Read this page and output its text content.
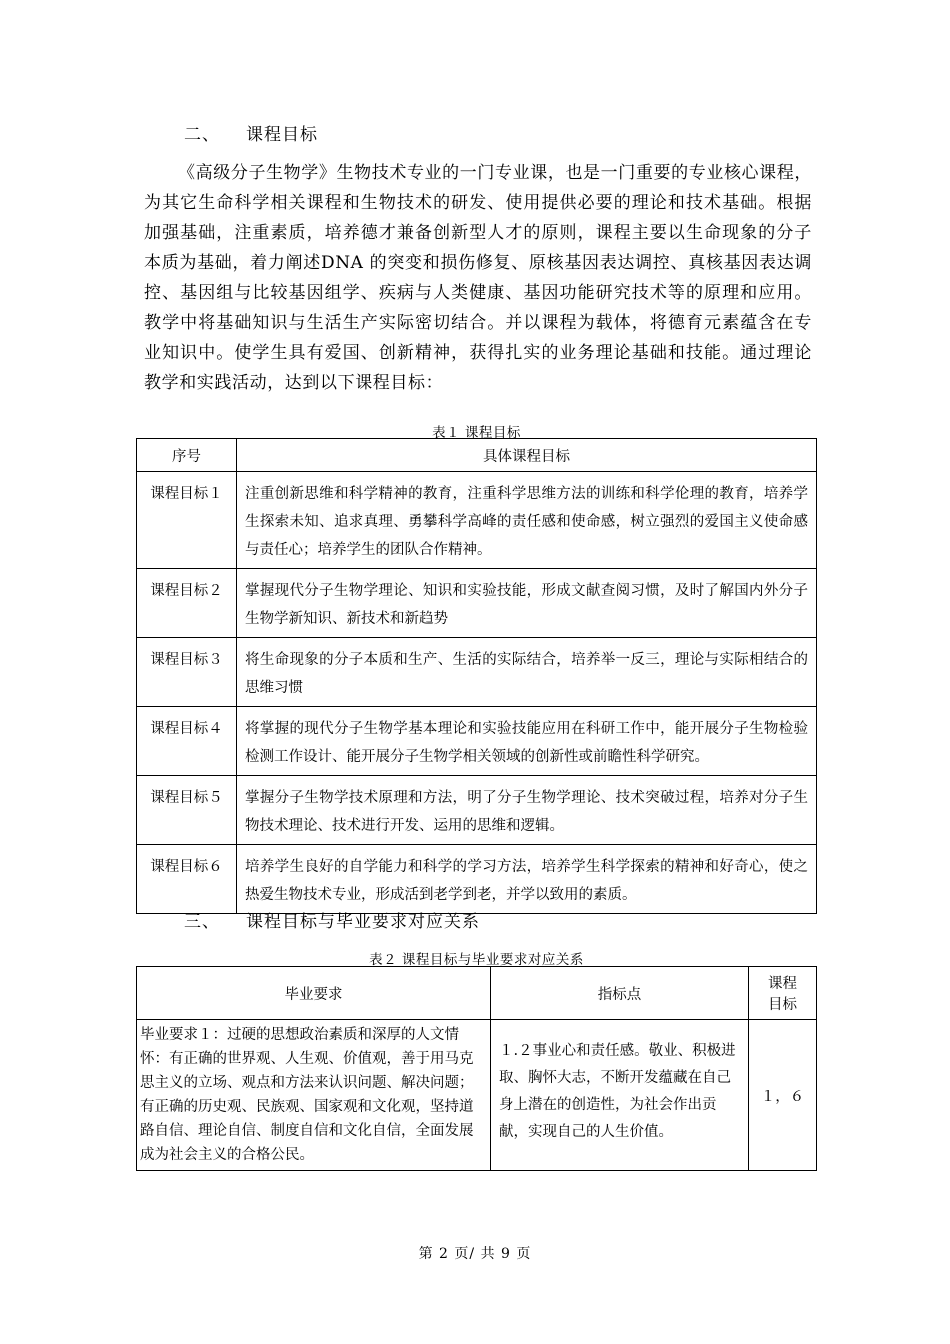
二、 课程目标

《高级分子生物学》生物技术专业的一门专业课，也是一门重要的专业核心课程，为其它生命科学相关课程和生物技术的研发、使用提供必要的理论和技术基础。根据加强基础，注重素质，培养德才兼备创新型人才的原则，课程主要以生命现象的分子本质为基础，着力阐述DNA 的突变和损伤修复、原核基因表达调控、真核基因表达调控、基因组与比较基因组学、疾病与人类健康、基因功能研究技术等的原理和应用。教学中将基础知识与生活生产实际密切结合。并以课程为载体，将德育元素蕴含在专业知识中。使学生具有爱国、创新精神，获得扎实的业务理论基础和技能。通过理论教学和实践活动，达到以下课程目标：

表１ 课程目标
序号	具体课程目标
课程目标１	注重创新思维和科学精神的教育，注重科学思维方法的训练和科学伦理的教育，培养学生探索未知、追求真理、勇攀科学高峰的责任感和使命感，树立强烈的爱国主义使命感与责任心；培养学生的团队合作精神。
课程目标２	掌握现代分子生物学理论、知识和实验技能，形成文献查阅习惯，及时了解国内外分子生物学新知识、新技术和新趋势
课程目标３	将生命现象的分子本质和生产、生活的实际结合，培养举一反三，理论与实际相结合的思维习惯
课程目标４	将掌握的现代分子生物学基本理论和实验技能应用在科研工作中，能开展分子生物检验检测工作设计、能开展分子生物学相关领域的创新性或前瞻性科学研究。
课程目标５	掌握分子生物学技术原理和方法，明了分子生物学理论、技术突破过程，培养对分子生物技术理论、技术进行开发、运用的思维和逻辑。
课程目标６	培养学生良好的自学能力和科学的学习方法，培养学生科学探索的精神和好奇心，使之热爱生物技术专业，形成活到老学到老，并学以致用的素质。
三、 课程目标与毕业要求对应关系
表２ 课程目标与毕业要求对应关系
毕业要求	指标点	课程
目标

毕业要求１：过硬的思想政治素质和深厚的人文情怀：有正确的世界观、人生观、价值观，善于用马克思主义的立场、观点和方法来认识问题、解决问题；有正确的历史观、民族观、国家观和文化观，坚持道路自信、理论自信、制度自信和文化自信，全面发展成为社会主义的合格公民。	１.２事业心和责任感。敬业、积极进取、胸怀大志，不断开发蕴藏在自己身上潜在的创造性，为社会作出贡献，实现自己的人生价值。	１，６
第 2 页/ 共 9 页
